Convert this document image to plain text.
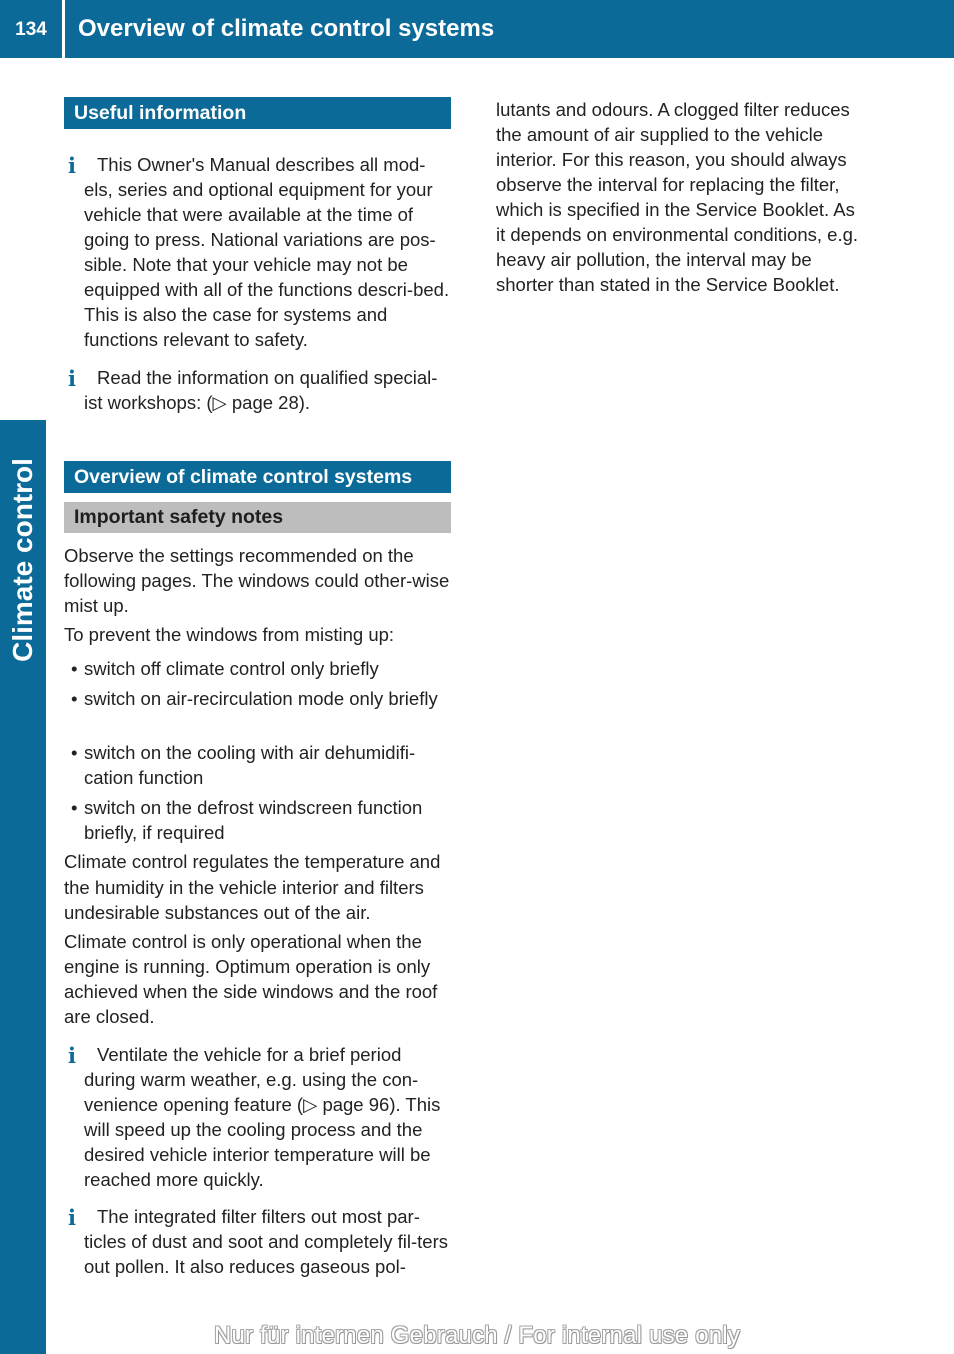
134	Overview of climate control systems
Climate control
Useful information
i	This Owner's Manual describes all mod-els, series and optional equipment for your vehicle that were available at the time of going to press. National variations are pos-sible. Note that your vehicle may not be equipped with all of the functions descri-bed. This is also the case for systems and functions relevant to safety.
i	Read the information on qualified special-ist workshops: (▷ page 28).
Overview of climate control systems
Important safety notes
Observe the settings recommended on the following pages. The windows could other-wise mist up.
To prevent the windows from misting up:
• switch off climate control only briefly
• switch on air-recirculation mode only briefly
• switch on the cooling with air dehumidifi-cation function
• switch on the defrost windscreen function briefly, if required
Climate control regulates the temperature and the humidity in the vehicle interior and filters undesirable substances out of the air.
Climate control is only operational when the engine is running. Optimum operation is only achieved when the side windows and the roof are closed.
i	Ventilate the vehicle for a brief period during warm weather, e.g. using the con-venience opening feature (▷ page 96). This will speed up the cooling process and the desired vehicle interior temperature will be reached more quickly.
i	The integrated filter filters out most par-ticles of dust and soot and completely fil-ters out pollen. It also reduces gaseous pol-
lutants and odours. A clogged filter reduces the amount of air supplied to the vehicle interior. For this reason, you should always observe the interval for replacing the filter, which is specified in the Service Booklet. As it depends on environmental conditions, e.g. heavy air pollution, the interval may be shorter than stated in the Service Booklet.
Nur für internen Gebrauch / For internal use only
